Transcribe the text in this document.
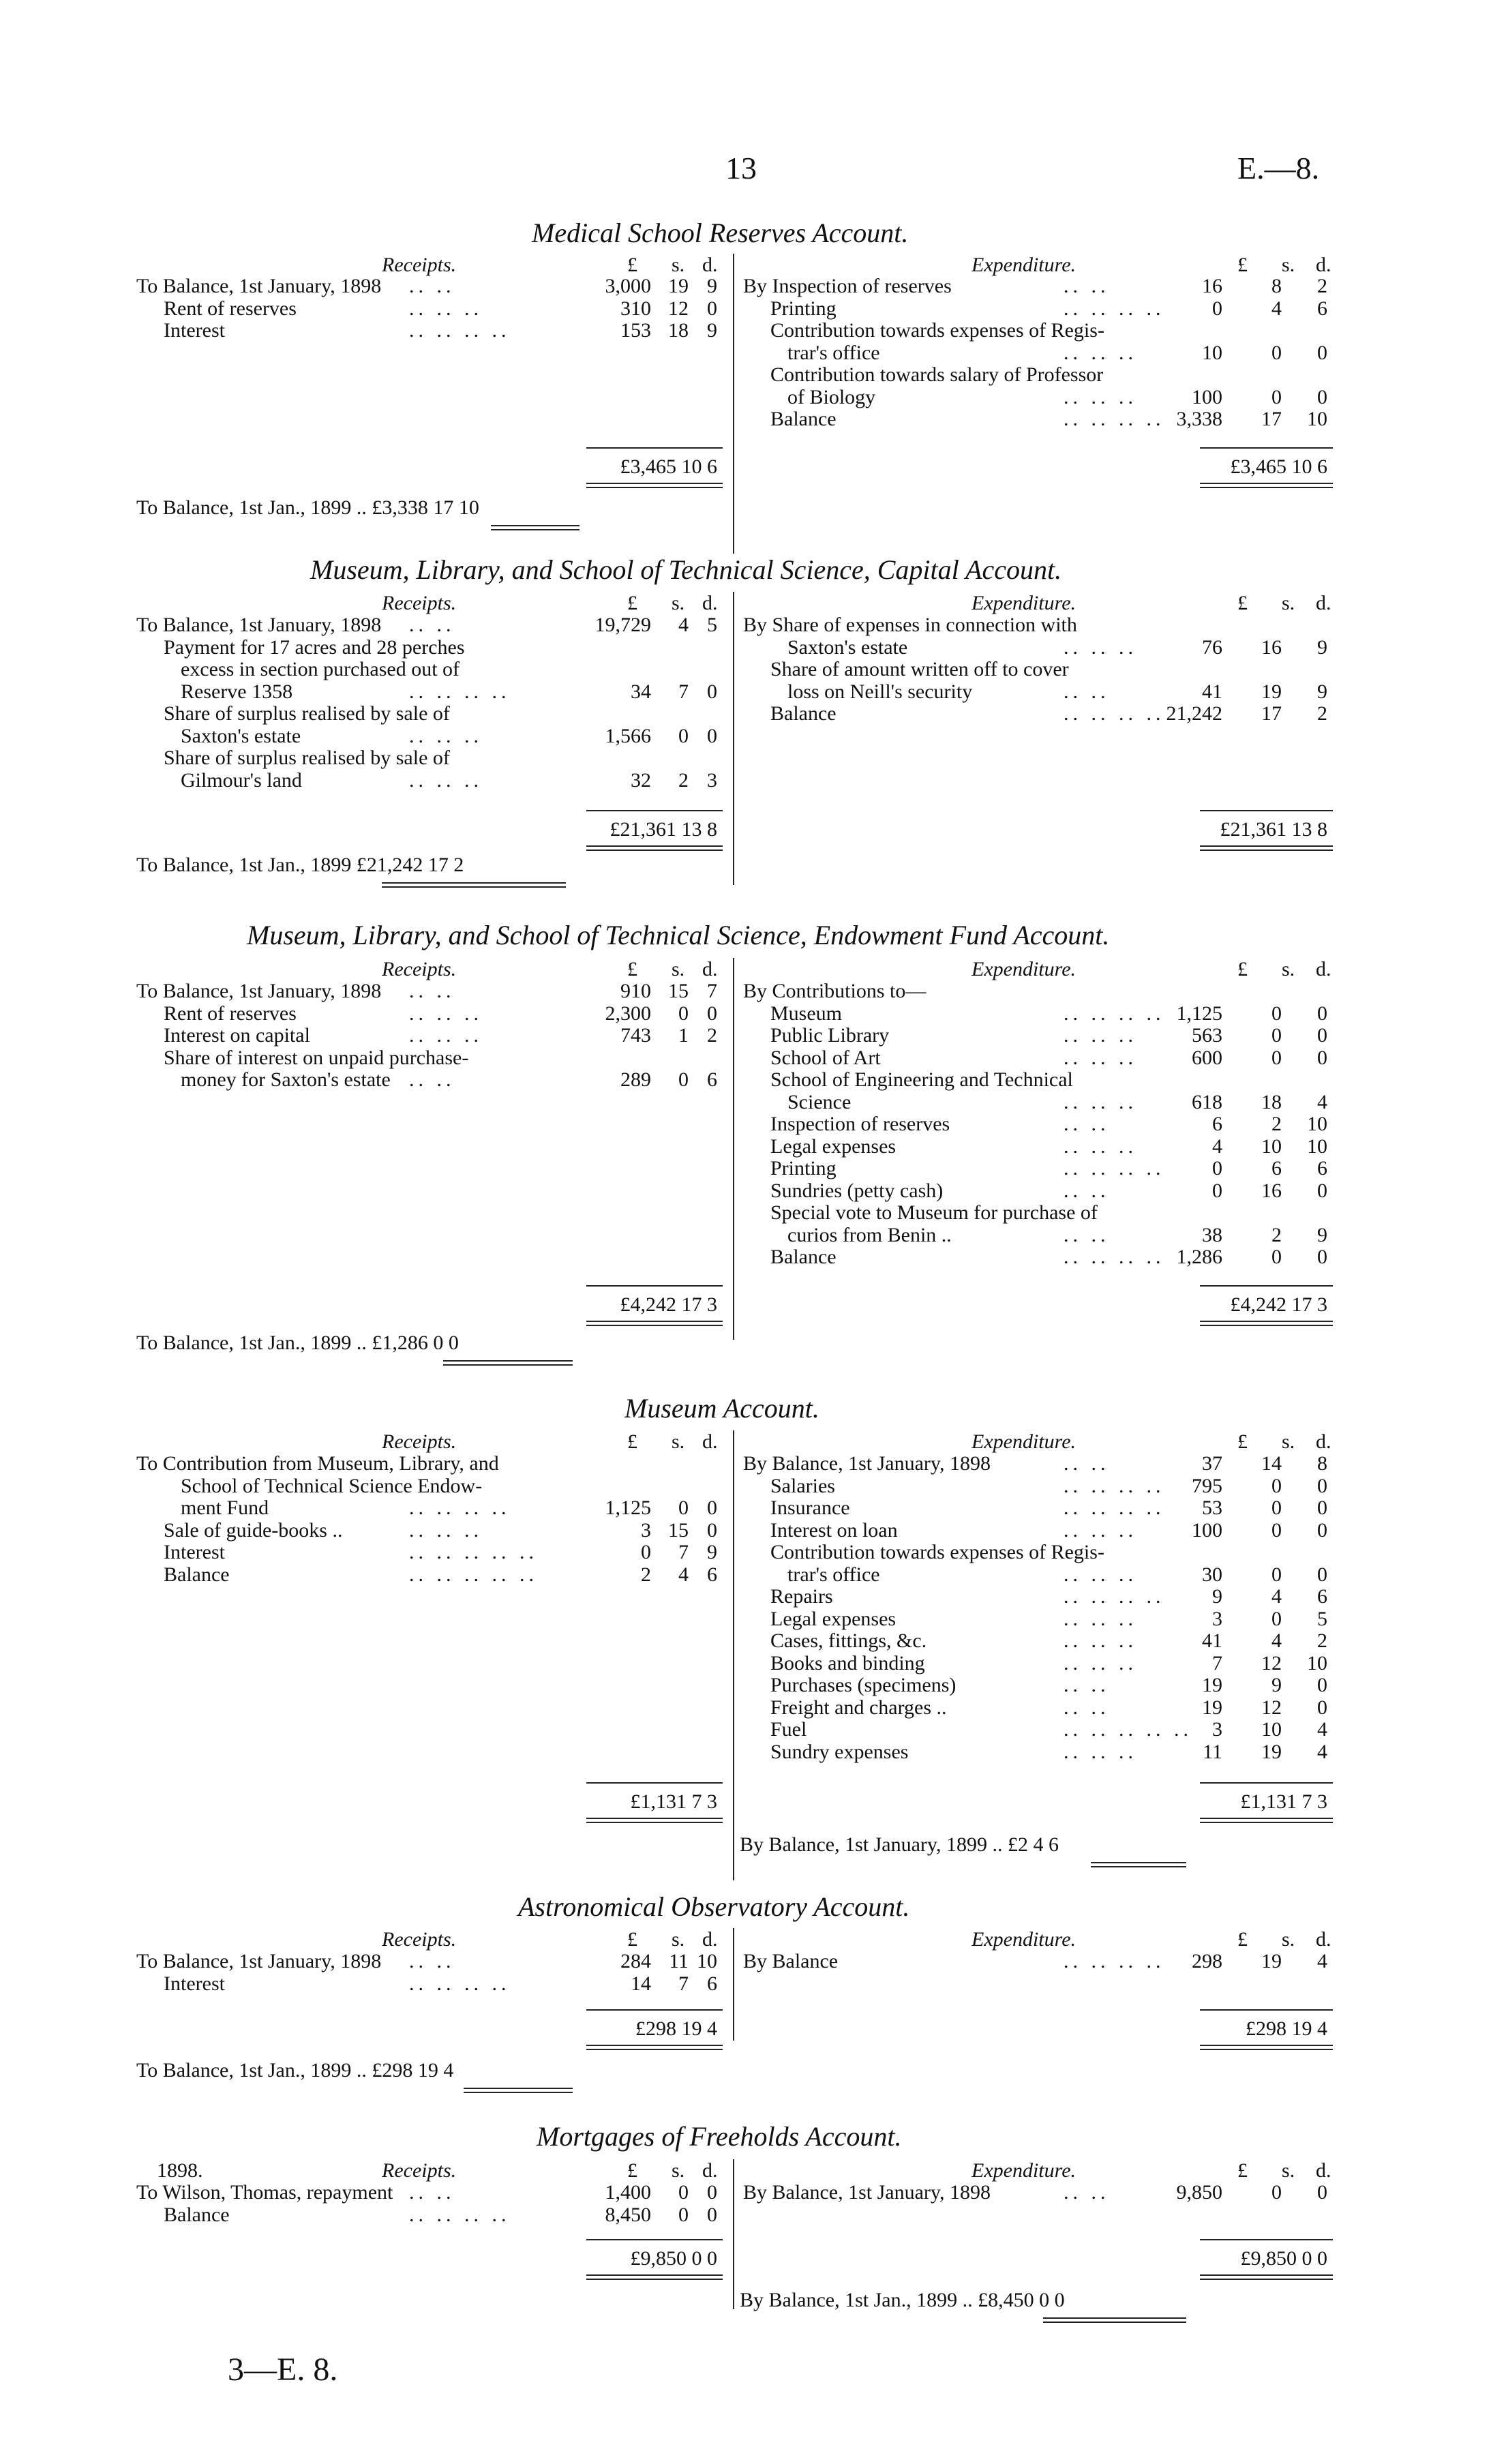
13	E.—8.
Medical School Reserves Account.
Receipts.	Expenditure.
£ s. d.	£ s. d.
To Balance, 1st January, 1898 .. ..	3,000 19 9
Rent of reserves	.. .. ..	310 12 0
Interest	.. .. .. ..	153 18 9
By Inspection of reserves	.. ..	16 8 2
Printing	.. .. .. .. 0 4 6
Contribution towards expenses of Regis-
trar's office	.. .. ..	10 0 0
Contribution towards salary of Professor
of Biology	.. .. ..	100 0 0
Balance	.. .. .. .. 3,338 17 10
£3,465 10 6	£3,465 10 6
To Balance, 1st Jan., 1899 .. £3,338 17 10
Museum, Library, and School of Technical Science, Capital Account.
Receipts.	Expenditure.
£ s. d.	£ s. d.
To Balance, 1st January, 1898 .. ..	19,729 4 5
Payment for 17 acres and 28 perches
excess in section purchased out of
Reserve 1358	.. .. .. ..	34 7 0
Share of surplus realised by sale of
Saxton's estate	.. .. ..	1,566 0 0
Share of surplus realised by sale of
Gilmour's land	.. .. ..	32 2 3
By Share of expenses in connection with
Saxton's estate	.. .. ..	76 16 9
Share of amount written off to cover
loss on Neill's security	.. ..	41 19 9
Balance	.. .. .. .. 21,242 17 2
£21,361 13 8	£21,361 13 8
To Balance, 1st Jan., 1899 £21,242 17 2
Museum, Library, and School of Technical Science, Endowment Fund Account.
Receipts.	Expenditure.
£ s. d.	£ s. d.
To Balance, 1st January, 1898 .. ..	910 15 7
Rent of reserves	.. .. ..	2,300 0 0
Interest on capital	.. .. ..	743 1 2
Share of interest on unpaid purchase-
money for Saxton's estate .. ..	289 0 6
By Contributions to—
Museum	.. .. .. .. 1,125 0 0
Public Library	.. .. ..	563 0 0
School of Art	.. .. ..	600 0 0
School of Engineering and Technical
Science	.. .. ..	618 18 4
Inspection of reserves	.. ..	6 2 10
Legal expenses	.. .. ..	4 10 10
Printing	.. .. .. .. 0 6 6
Sundries (petty cash)	.. ..	0 16 0
Special vote to Museum for purchase of
curios from Benin ..	.. ..	38 2 9
Balance	.. .. .. .. 1,286 0 0
£4,242 17 3	£4,242 17 3
To Balance, 1st Jan., 1899 .. £1,286 0 0
Museum Account.
Receipts.	Expenditure.
£ s. d.	£ s. d.
To Contribution from Museum, Library, and
School of Technical Science Endow-
ment Fund	.. .. .. ..	1,125 0 0
Sale of guide-books ..	.. .. ..	3 15 0
Interest	.. .. .. .. ..	0 7 9
Balance	.. .. .. .. ..	2 4 6
By Balance, 1st January, 1898	.. ..	37 14 8
Salaries	.. .. .. .. 795 0 0
Insurance	.. .. .. .. 53 0 0
Interest on loan	.. .. ..	100 0 0
Contribution towards expenses of Regis-
trar's office	.. .. ..	30 0 0
Repairs	.. .. .. .. 9 4 6
Legal expenses	.. .. ..	3 0 5
Cases, fittings, &c.	.. .. ..	41 4 2
Books and binding	.. .. ..	7 12 10
Purchases (specimens)	.. ..	19 9 0
Freight and charges ..	.. ..	19 12 0
Fuel	.. .. .. .. .. 3 10 4
Sundry expenses	.. .. ..	11 19 4
£1,131 7 3	£1,131 7 3
By Balance, 1st January, 1899 .. £2 4 6
Astronomical Observatory Account.
Receipts.	Expenditure.
£ s. d.	£ s. d.
To Balance, 1st January, 1898 .. ..	284 11 10
Interest	.. .. .. ..	14 7 6
By Balance	.. .. .. .. 298 19 4
£298 19 4	£298 19 4
To Balance, 1st Jan., 1899 .. £298 19 4
Mortgages of Freeholds Account.
1898.	Receipts.	Expenditure.
£ s. d.	£ s. d.
To Wilson, Thomas, repayment .. ..	1,400 0 0
Balance	.. .. .. ..	8,450 0 0
By Balance, 1st January, 1898	.. ..	9,850 0 0
£9,850 0 0	£9,850 0 0
By Balance, 1st Jan., 1899 .. £8,450 0 0
3—E. 8.
